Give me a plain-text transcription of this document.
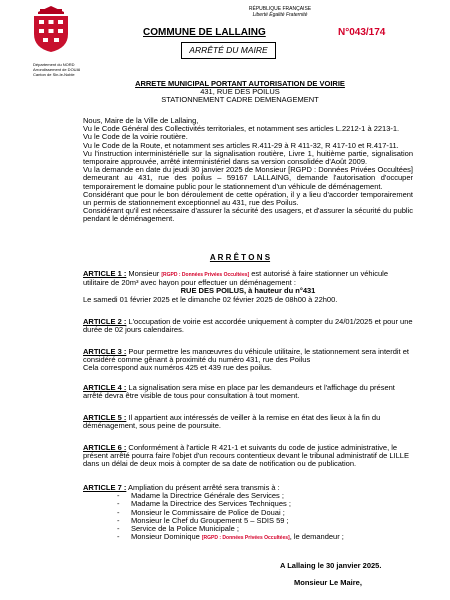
RÉPUBLIQUE FRANÇAISE
Liberté Égalité Fraternité
COMMUNE DE LALLAING	N°043/174
ARRÊTÉ DU MAIRE
Département du NORD
Arrondissement de DOUAI
Canton de Sin-le-Noble
ARRETE MUNICIPAL PORTANT AUTORISATION DE VOIRIE
431, RUE DES POILUS
STATIONNEMENT CADRE DEMENAGEMENT
Nous, Maire de la Ville de Lallaing,
Vu le Code Général des Collectivités territoriales, et notamment ses articles L.2212-1 à 2213-1.
Vu le Code de la voirie routière.
Vu le Code de la Route, et notamment ses articles R.411-29 à R 411-32, R 417-10 et R.417-11.
Vu l'instruction interministérielle sur la signalisation routière, Livre 1, huitième partie, signalisation temporaire approuvée, arrêté interministériel dans sa version consolidée d'Août 2009.
Vu la demande en date du jeudi 30 janvier 2025 de Monsieur [RGPD : Données Privées Occultées] demeurant au 431, rue des poilus – 59167 LALLAING, demande l'autorisation d'occuper temporairement le domaine public pour le stationnement d'un véhicule de déménagement.
Considérant que pour le bon déroulement de cette opération, il y a lieu d'accorder temporairement un permis de stationnement exceptionnel au 431, rue des Poilus.
Considérant qu'il est nécessaire d'assurer la sécurité des usagers, et d'assurer la sécurité du public pendant le déménagement.
A R R Ê T O N S
ARTICLE 1 : Monsieur [RGPD : Données Privées Occultées] est autorisé à faire stationner un véhicule utilitaire de 20m³ avec hayon pour effectuer un déménagement :
RUE DES POILUS, à hauteur du n°431
Le samedi 01 février 2025 et le dimanche 02 février 2025 de 08h00 à 22h00.
ARTICLE 2 : L'occupation de voirie est accordée uniquement à compter du 24/01/2025 et pour une durée de 02 jours calendaires.
ARTICLE 3 : Pour permettre les manœuvres du véhicule utilitaire, le stationnement sera interdit et considéré comme gênant à proximité du numéro 431, rue des Poilus
Cela correspond aux numéros 425 et 439 rue des poilus.
ARTICLE 4 : La signalisation sera mise en place par les demandeurs et l'affichage du présent arrêté devra être visible de tous pour consultation à tout moment.
ARTICLE 5 : Il appartient aux intéressés de veiller à la remise en état des lieux à la fin du déménagement, sous peine de poursuite.
ARTICLE 6 : Conformément à l'article R 421-1 et suivants du code de justice administrative, le présent arrêté pourra faire l'objet d'un recours contentieux devant le tribunal administratif de LILLE dans un délai de deux mois à compter de sa date de notification ou de publication.
ARTICLE 7 : Ampliation du présent arrêté sera transmis à :
- Madame la Directrice Générale des Services ;
- Madame la Directrice des Services Techniques ;
- Monsieur le Commissaire de Police de Douai ;
- Monsieur le Chef du Groupement 5 – SDIS 59 ;
- Service de la Police Municipale ;
- Monsieur Dominique [RGPD : Données Privées Occultées], le demandeur ;
A Lallaing le 30 janvier 2025.
Monsieur Le Maire,
